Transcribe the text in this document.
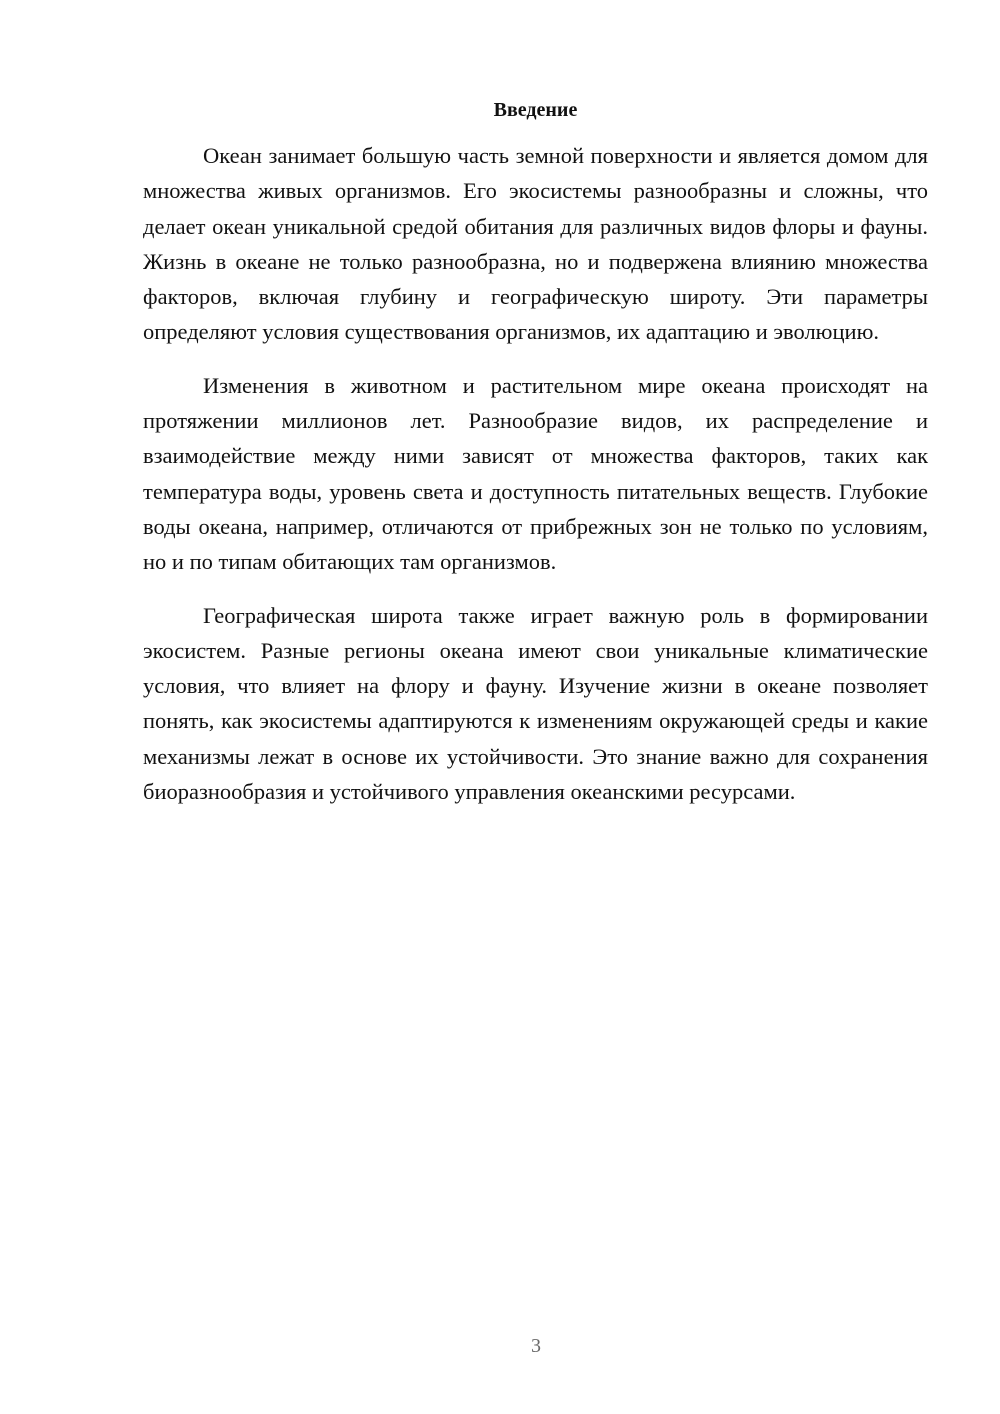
Введение

Океан занимает большую часть земной поверхности и является домом для множества живых организмов. Его экосистемы разнообразны и сложны, что делает океан уникальной средой обитания для различных видов флоры и фауны. Жизнь в океане не только разнообразна, но и подвержена влиянию множества факторов, включая глубину и географическую широту. Эти параметры определяют условия существования организмов, их адаптацию и эволюцию.

Изменения в животном и растительном мире океана происходят на протяжении миллионов лет. Разнообразие видов, их распределение и взаимодействие между ними зависят от множества факторов, таких как температура воды, уровень света и доступность питательных веществ. Глубокие воды океана, например, отличаются от прибрежных зон не только по условиям, но и по типам обитающих там организмов.

Географическая широта также играет важную роль в формировании экосистем. Разные регионы океана имеют свои уникальные климатические условия, что влияет на флору и фауну. Изучение жизни в океане позволяет понять, как экосистемы адаптируются к изменениям окружающей среды и какие механизмы лежат в основе их устойчивости. Это знание важно для сохранения биоразнообразия и устойчивого управления океанскими ресурсами.

3
